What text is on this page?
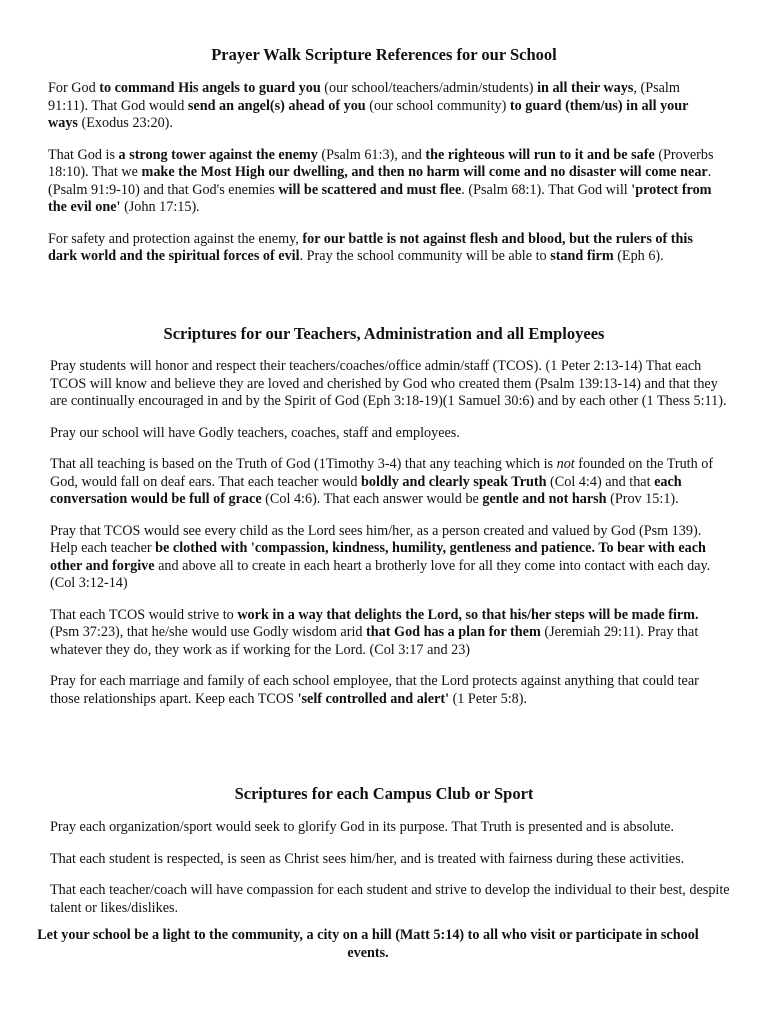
Prayer Walk Scripture References for our School

For God to command His angels to guard you (our school/teachers/admin/students) in all their ways, (Psalm 91:11). That God would send an angel(s) ahead of you (our school community) to guard (them/us) in all your ways (Exodus 23:20).

That God is a strong tower against the enemy (Psalm 61:3), and the righteous will run to it and be safe (Proverbs 18:10). That we make the Most High our dwelling, and then no harm will come and no disaster will come near. (Psalm 91:9-10) and that God's enemies will be scattered and must flee. (Psalm 68:1). That God will 'protect from the evil one' (John 17:15).

For safety and protection against the enemy, for our battle is not against flesh and blood, but the rulers of this dark world and the spiritual forces of evil. Pray the school community will be able to stand firm (Eph 6).

Scriptures for our Teachers, Administration and all Employees

Pray students will honor and respect their teachers/coaches/office admin/staff (TCOS). (1 Peter 2:13-14) That each TCOS will know and believe they are loved and cherished by God who created them (Psalm 139:13-14) and that they are continually encouraged in and by the Spirit of God (Eph 3:18-19)(1 Samuel 30:6) and by each other (1 Thess 5:11).

Pray our school will have Godly teachers, coaches, staff and employees.

That all teaching is based on the Truth of God (1Timothy 3-4) that any teaching which is not founded on the Truth of God, would fall on deaf ears. That each teacher would boldly and clearly speak Truth (Col 4:4) and that each conversation would be full of grace (Col 4:6). That each answer would be gentle and not harsh (Prov 15:1).

Pray that TCOS would see every child as the Lord sees him/her, as a person created and valued by God (Psm 139). Help each teacher be clothed with 'compassion, kindness, humility, gentleness and patience. To bear with each other and forgive and above all to create in each heart a brotherly love for all they come into contact with each day. (Col 3:12-14)

That each TCOS would strive to work in a way that delights the Lord, so that his/her steps will be made firm. (Psm 37:23), that he/she would use Godly wisdom arid that God has a plan for them (Jeremiah 29:11). Pray that whatever they do, they work as if working for the Lord. (Col 3:17 and 23)

Pray for each marriage and family of each school employee, that the Lord protects against anything that could tear those relationships apart. Keep each TCOS 'self controlled and alert' (1 Peter 5:8).

Scriptures for each Campus Club or Sport

Pray each organization/sport would seek to glorify God in its purpose. That Truth is presented and is absolute.

That each student is respected, is seen as Christ sees him/her, and is treated with fairness during these activities.

That each teacher/coach will have compassion for each student and strive to develop the individual to their best, despite talent or likes/dislikes.

Let your school be a light to the community, a city on a hill (Matt 5:14) to all who visit or participate in school events.
